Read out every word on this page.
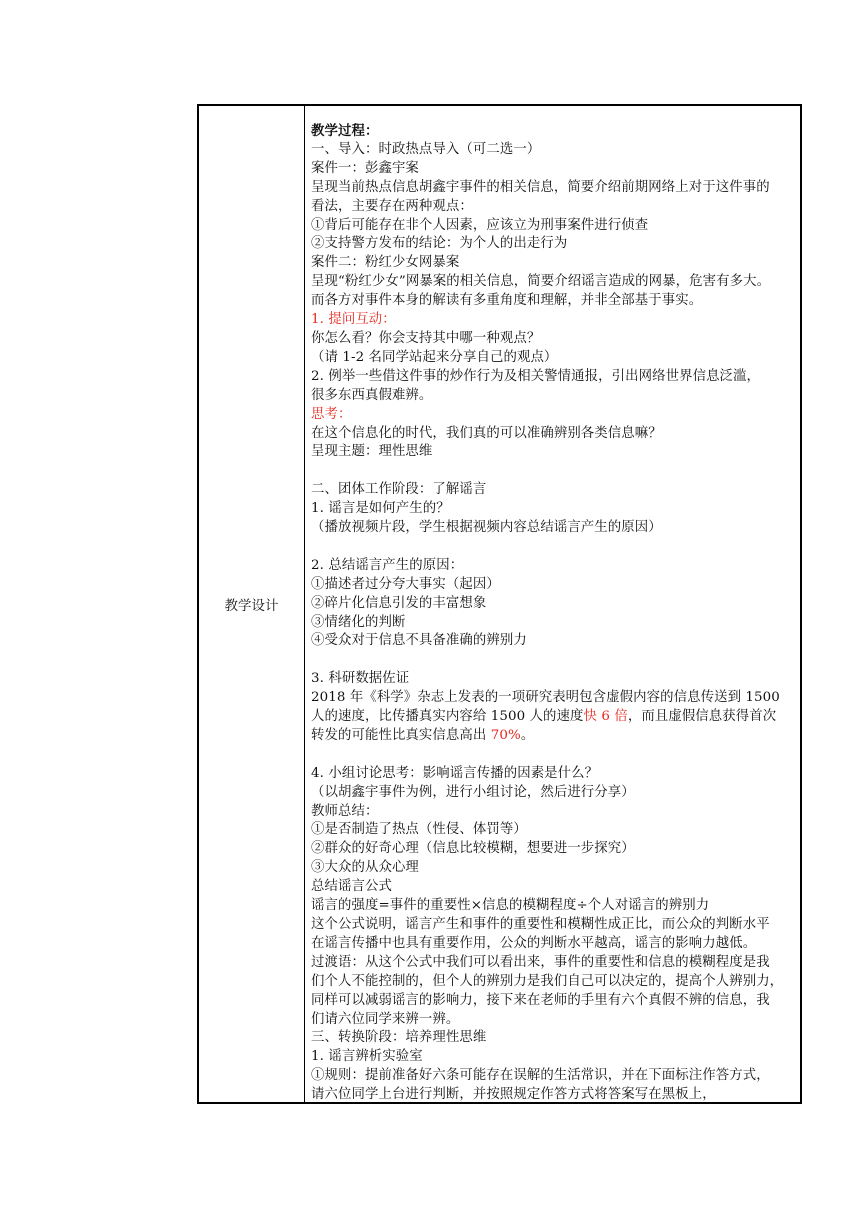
教学设计
教学过程：
一、导入：时政热点导入（可二选一）
案件一：彭鑫宇案
呈现当前热点信息胡鑫宇事件的相关信息，简要介绍前期网络上对于这件事的
看法，主要存在两种观点：
①背后可能存在非个人因素，应该立为刑事案件进行侦查
②支持警方发布的结论：为个人的出走行为
案件二：粉红少女网暴案
呈现“粉红少女”网暴案的相关信息，简要介绍谣言造成的网暴，危害有多大。
而各方对事件本身的解读有多重角度和理解，并非全部基于事实。
1. 提问互动：
你怎么看？你会支持其中哪一种观点？
（请 1-2 名同学站起来分享自己的观点）
2. 例举一些借这件事的炒作行为及相关警情通报，引出网络世界信息泛滥，
很多东西真假难辨。
思考：
在这个信息化的时代，我们真的可以准确辨别各类信息嘛？
呈现主题：理性思维
二、团体工作阶段：了解谣言
1. 谣言是如何产生的？
（播放视频片段，学生根据视频内容总结谣言产生的原因）
2. 总结谣言产生的原因：
①描述者过分夸大事实（起因）
②碎片化信息引发的丰富想象
③情绪化的判断
④受众对于信息不具备准确的辨别力
3. 科研数据佐证
2018 年《科学》杂志上发表的一项研究表明包含虚假内容的信息传送到 1500
人的速度，比传播真实内容给 1500 人的速度快 6 倍，而且虚假信息获得首次
转发的可能性比真实信息高出 70%。
4. 小组讨论思考：影响谣言传播的因素是什么？
（以胡鑫宇事件为例，进行小组讨论，然后进行分享）
教师总结：
①是否制造了热点（性侵、体罚等）
②群众的好奇心理（信息比较模糊，想要进一步探究）
③大众的从众心理
总结谣言公式
谣言的强度=事件的重要性×信息的模糊程度÷个人对谣言的辨别力
这个公式说明，谣言产生和事件的重要性和模糊性成正比，而公众的判断水平
在谣言传播中也具有重要作用，公众的判断水平越高，谣言的影响力越低。
过渡语：从这个公式中我们可以看出来，事件的重要性和信息的模糊程度是我
们个人不能控制的，但个人的辨别力是我们自己可以决定的，提高个人辨别力，
同样可以减弱谣言的影响力，接下来在老师的手里有六个真假不辨的信息，我
们请六位同学来辨一辨。
三、转换阶段：培养理性思维
1. 谣言辨析实验室
①规则：提前准备好六条可能存在误解的生活常识，并在下面标注作答方式，
请六位同学上台进行判断，并按照规定作答方式将答案写在黑板上，
